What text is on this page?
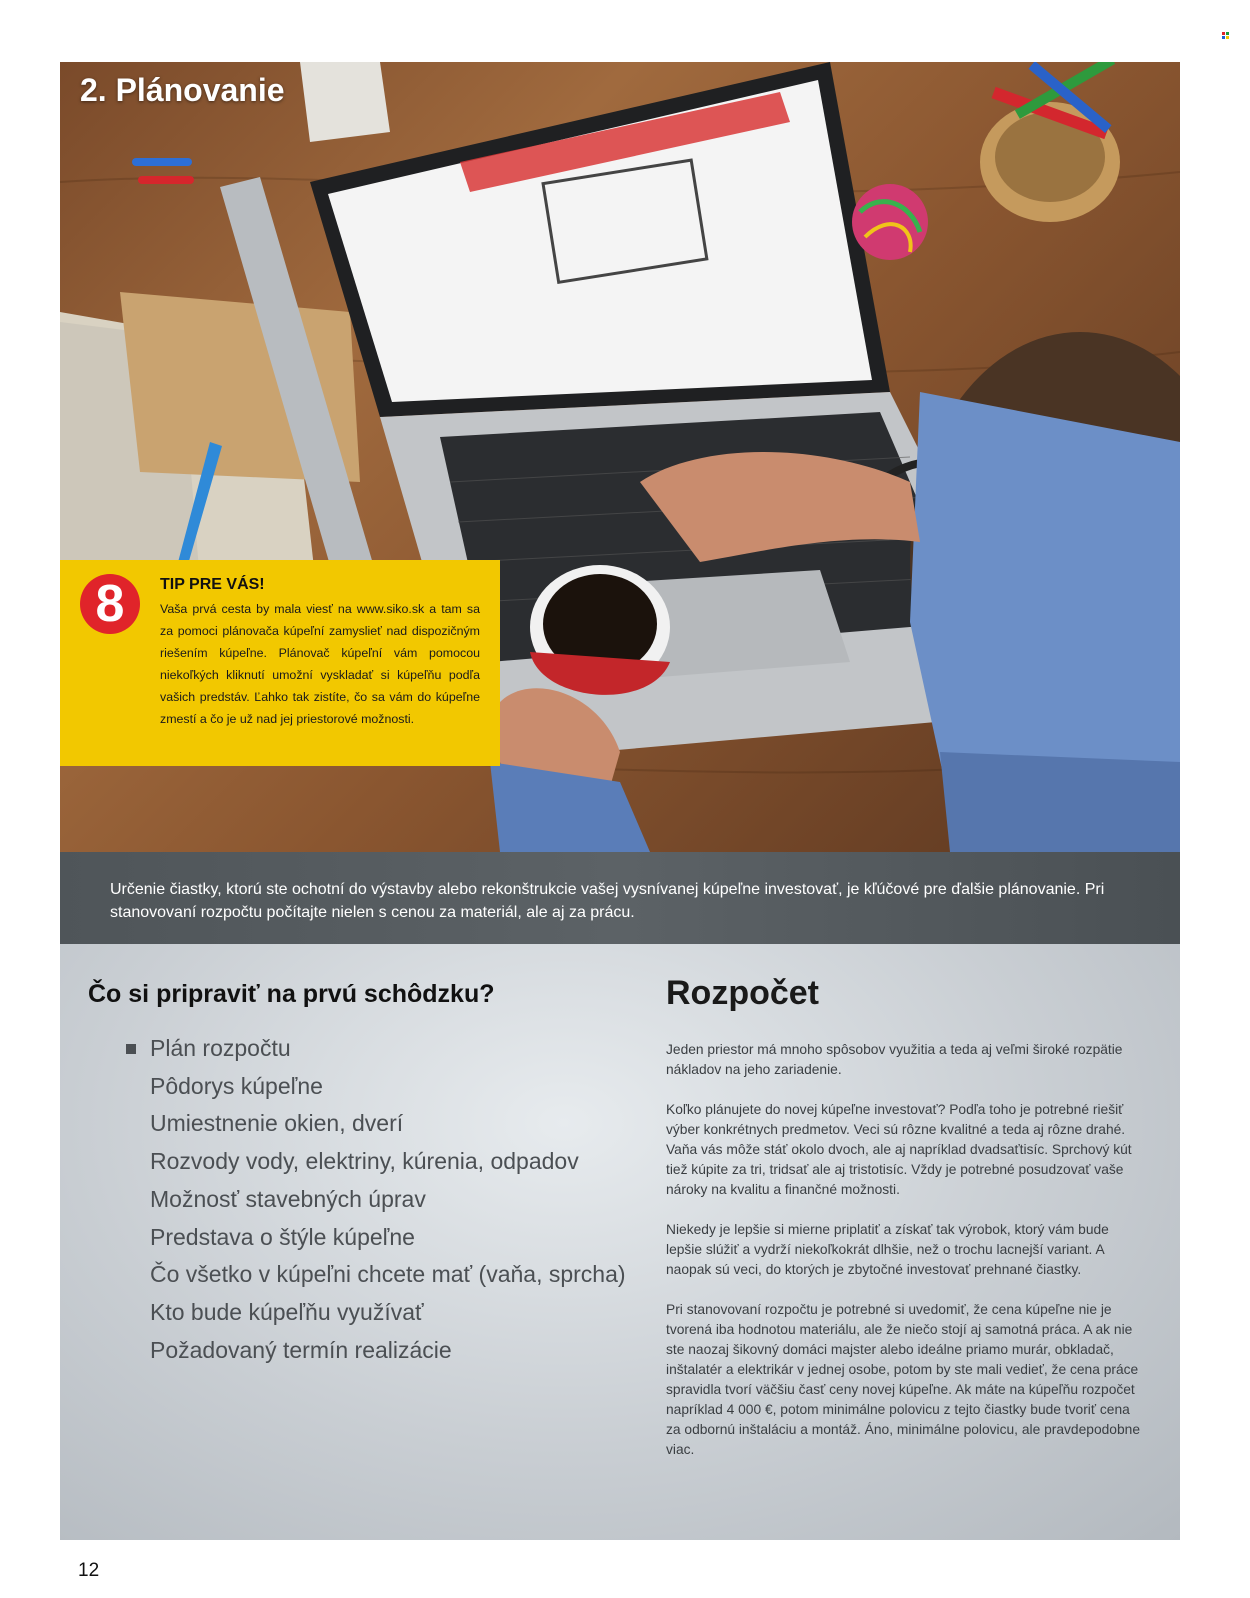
2. Plánovanie
8	TIP PRE VÁS!

Vaša prvá cesta by mala viesť na www.siko.sk a tam sa za pomoci plánovača kúpeľní zamyslieť nad dispozičným riešením kúpeľne. Plánovač kúpeľní vám pomocou niekoľkých kliknutí umožní vyskladať si kúpeľňu podľa vašich predstáv. Ľahko tak zistíte, čo sa vám do kúpeľne zmestí a čo je už nad jej priestorové možnosti.

Určenie čiastky, ktorú ste ochotní do výstavby alebo rekonštrukcie vašej vysnívanej kúpeľne investovať, je kľúčové pre ďalšie plánovanie. Pri stanovovaní rozpočtu počítajte nielen s cenou za materiál, ale aj za prácu.

Čo si pripraviť na prvú schôdzku?
Plán rozpočtu
Pôdorys kúpeľne
Umiestnenie okien, dverí
Rozvody vody, elektriny, kúrenia, odpadov
Možnosť stavebných úprav
Predstava o štýle kúpeľne
Čo všetko v kúpeľni chcete mať (vaňa, sprcha)
Kto bude kúpeľňu využívať
Požadovaný termín realizácie
Rozpočet

Jeden priestor má mnoho spôsobov využitia a teda aj veľmi široké rozpätie nákladov na jeho zariadenie.

Koľko plánujete do novej kúpeľne investovať? Podľa toho je potrebné riešiť výber konkrétnych predmetov. Veci sú rôzne kvalitné a teda aj rôzne drahé. Vaňa vás môže stáť okolo dvoch, ale aj napríklad dvadsaťtisíc. Sprchový kút tiež kúpite za tri, tridsať ale aj tristotisíc. Vždy je potrebné posudzovať vaše nároky na kvalitu a finančné možnosti.

Niekedy je lepšie si mierne priplatiť a získať tak výrobok, ktorý vám bude lepšie slúžiť a vydrží niekoľkokrát dlhšie, než o trochu lacnejší variant. A naopak sú veci, do ktorých je zbytočné investovať prehnané čiastky.

Pri stanovovaní rozpočtu je potrebné si uvedomiť, že cena kúpeľne nie je tvorená iba hodnotou materiálu, ale že niečo stojí aj samotná práca. A ak nie ste naozaj šikovný domáci majster alebo ideálne priamo murár, obkladač, inštalatér a elektrikár v jednej osobe, potom by ste mali vedieť, že cena práce spravidla tvorí väčšiu časť ceny novej kúpeľne. Ak máte na kúpeľňu rozpočet napríklad 4 000 €, potom minimálne polovicu z tejto čiastky bude tvoriť cena za odbornú inštaláciu a montáž. Áno, minimálne polovicu, ale pravdepodobne viac.

12
